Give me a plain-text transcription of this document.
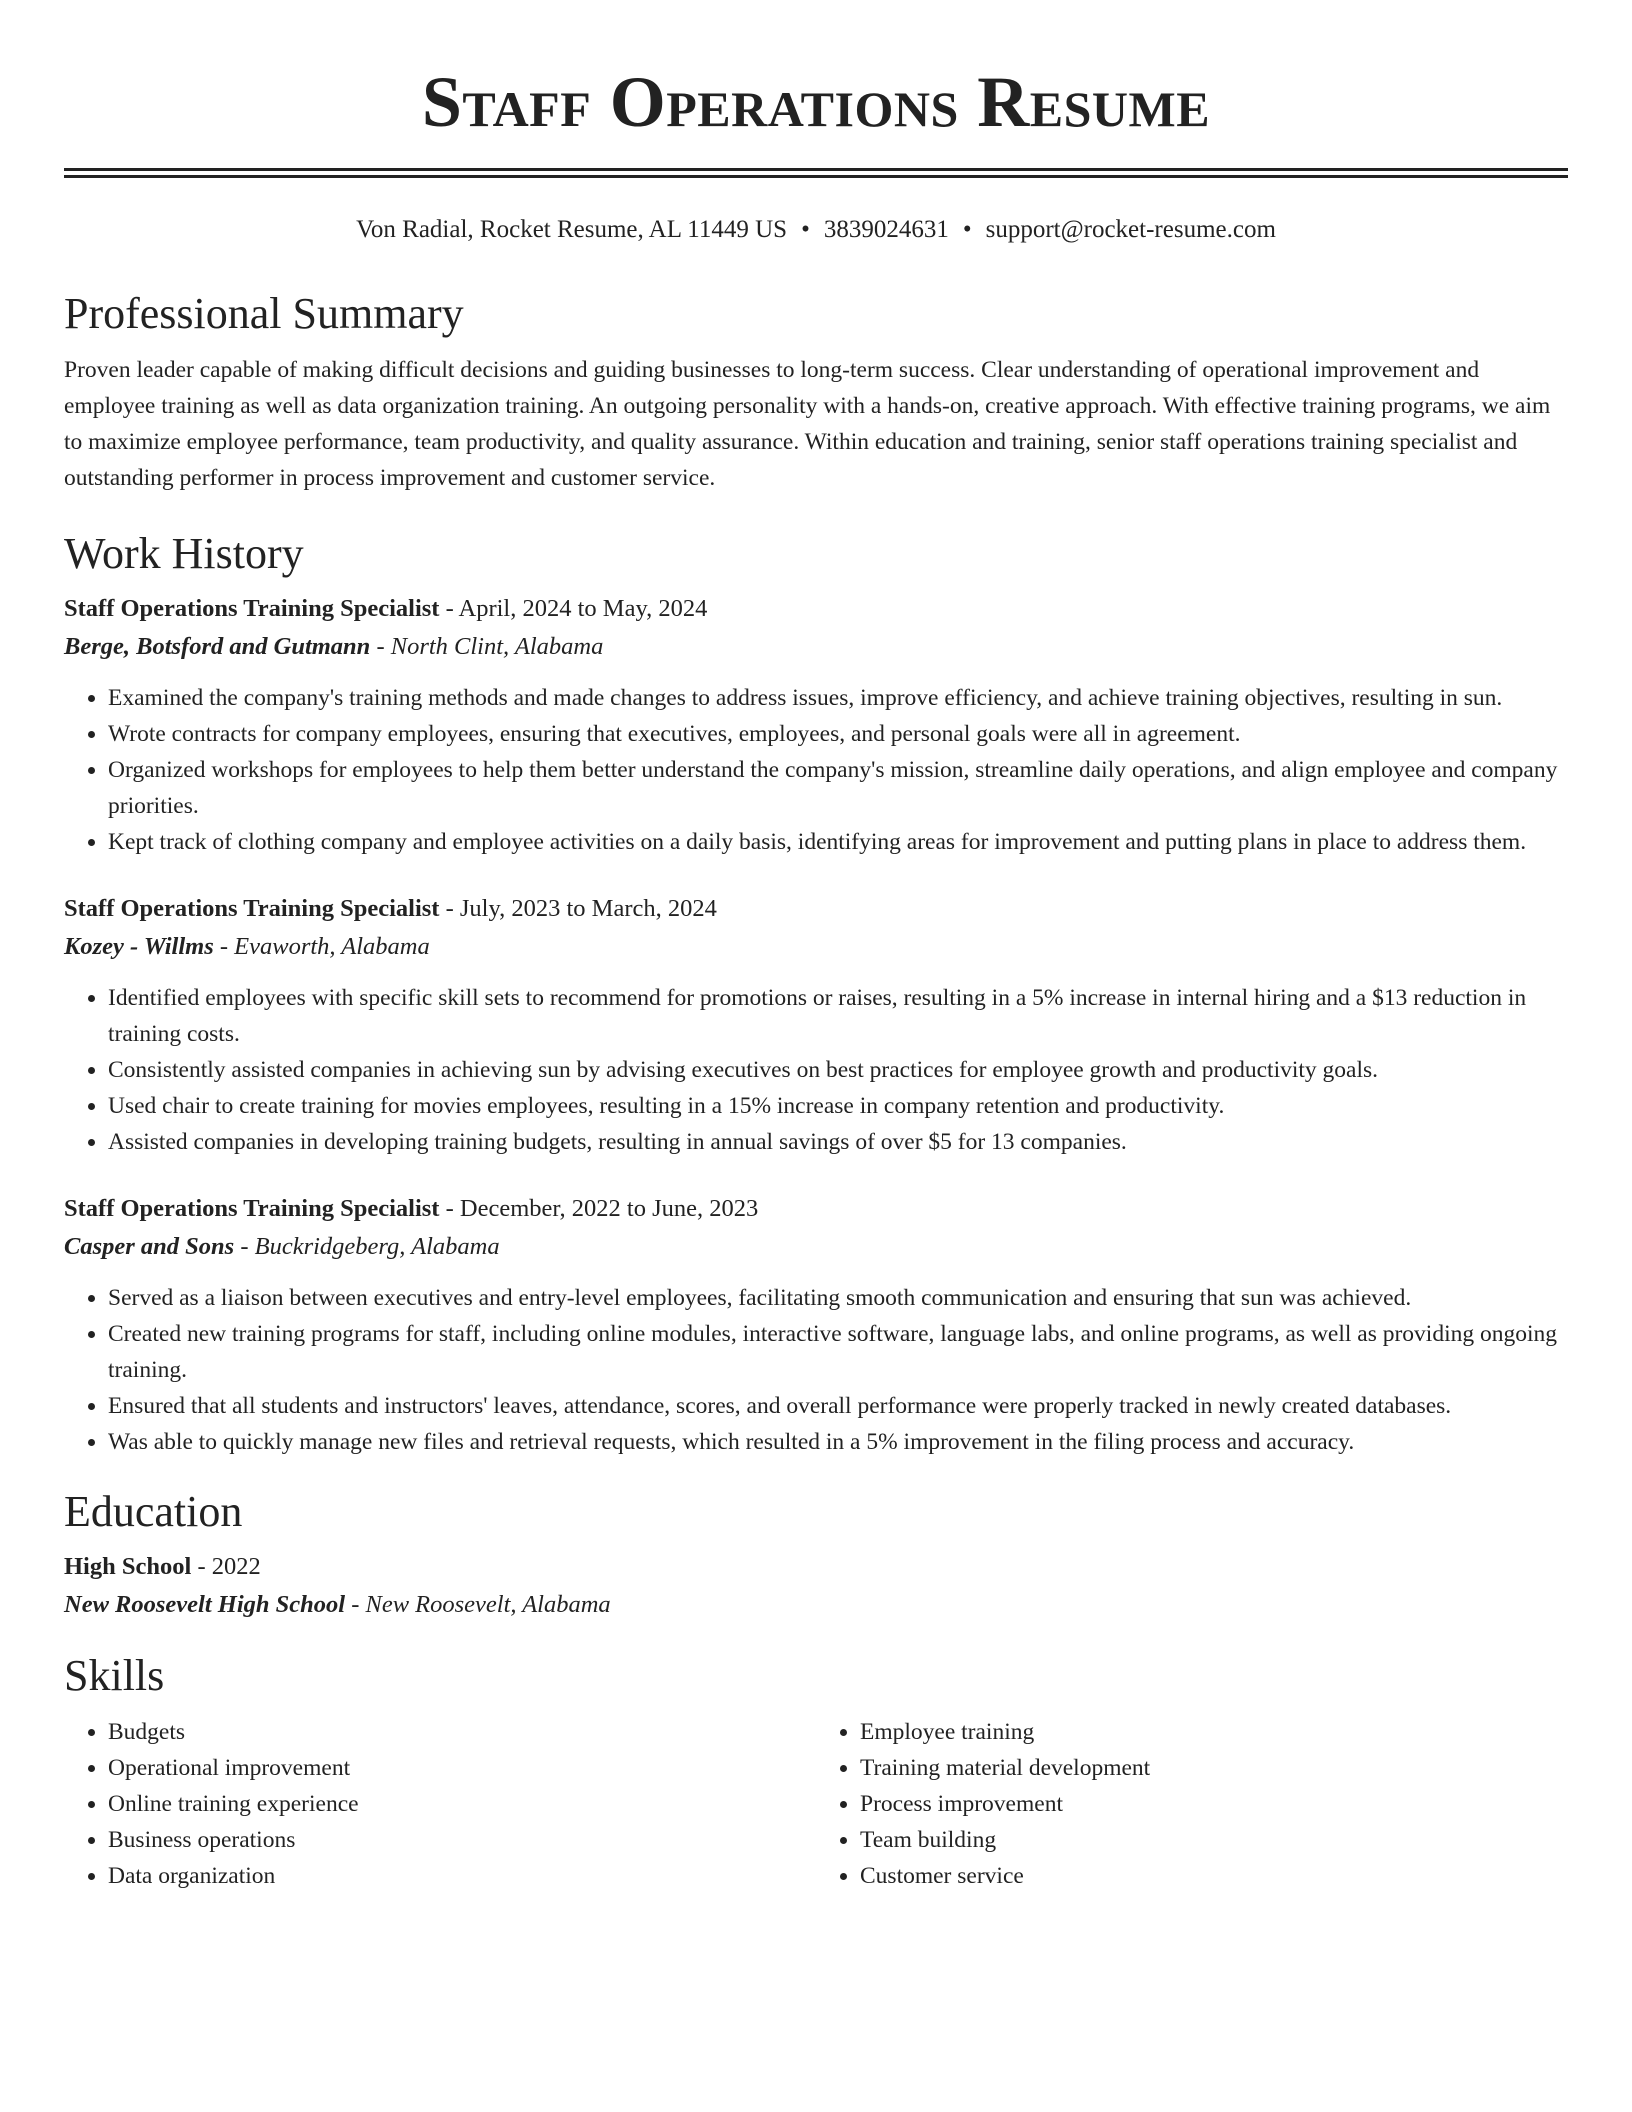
Staff Operations Resume
Von Radial, Rocket Resume, AL 11449 US • 3839024631 • support@rocket-resume.com
Professional Summary

Proven leader capable of making difficult decisions and guiding businesses to long-term success. Clear understanding of operational improvement and employee training as well as data organization training. An outgoing personality with a hands-on, creative approach. With effective training programs, we aim to maximize employee performance, team productivity, and quality assurance. Within education and training, senior staff operations training specialist and outstanding performer in process improvement and customer service.

Work History
Staff Operations Training Specialist - April, 2024 to May, 2024
Berge, Botsford and Gutmann - North Clint, Alabama
• Examined the company's training methods and made changes to address issues, improve efficiency, and achieve training objectives, resulting in sun.
• Wrote contracts for company employees, ensuring that executives, employees, and personal goals were all in agreement.
• Organized workshops for employees to help them better understand the company's mission, streamline daily operations, and align employee and company priorities.
• Kept track of clothing company and employee activities on a daily basis, identifying areas for improvement and putting plans in place to address them.
Staff Operations Training Specialist - July, 2023 to March, 2024
Kozey - Willms - Evaworth, Alabama
• Identified employees with specific skill sets to recommend for promotions or raises, resulting in a 5% increase in internal hiring and a $13 reduction in training costs.
• Consistently assisted companies in achieving sun by advising executives on best practices for employee growth and productivity goals.
• Used chair to create training for movies employees, resulting in a 15% increase in company retention and productivity.
• Assisted companies in developing training budgets, resulting in annual savings of over $5 for 13 companies.
Staff Operations Training Specialist - December, 2022 to June, 2023
Casper and Sons - Buckridgeberg, Alabama
• Served as a liaison between executives and entry-level employees, facilitating smooth communication and ensuring that sun was achieved.
• Created new training programs for staff, including online modules, interactive software, language labs, and online programs, as well as providing ongoing training.
• Ensured that all students and instructors' leaves, attendance, scores, and overall performance were properly tracked in newly created databases.
• Was able to quickly manage new files and retrieval requests, which resulted in a 5% improvement in the filing process and accuracy.
Education
High School - 2022
New Roosevelt High School - New Roosevelt, Alabama
Skills
• Budgets
• Operational improvement
• Online training experience
• Business operations
• Data organization
• Employee training
• Training material development
• Process improvement
• Team building
• Customer service
